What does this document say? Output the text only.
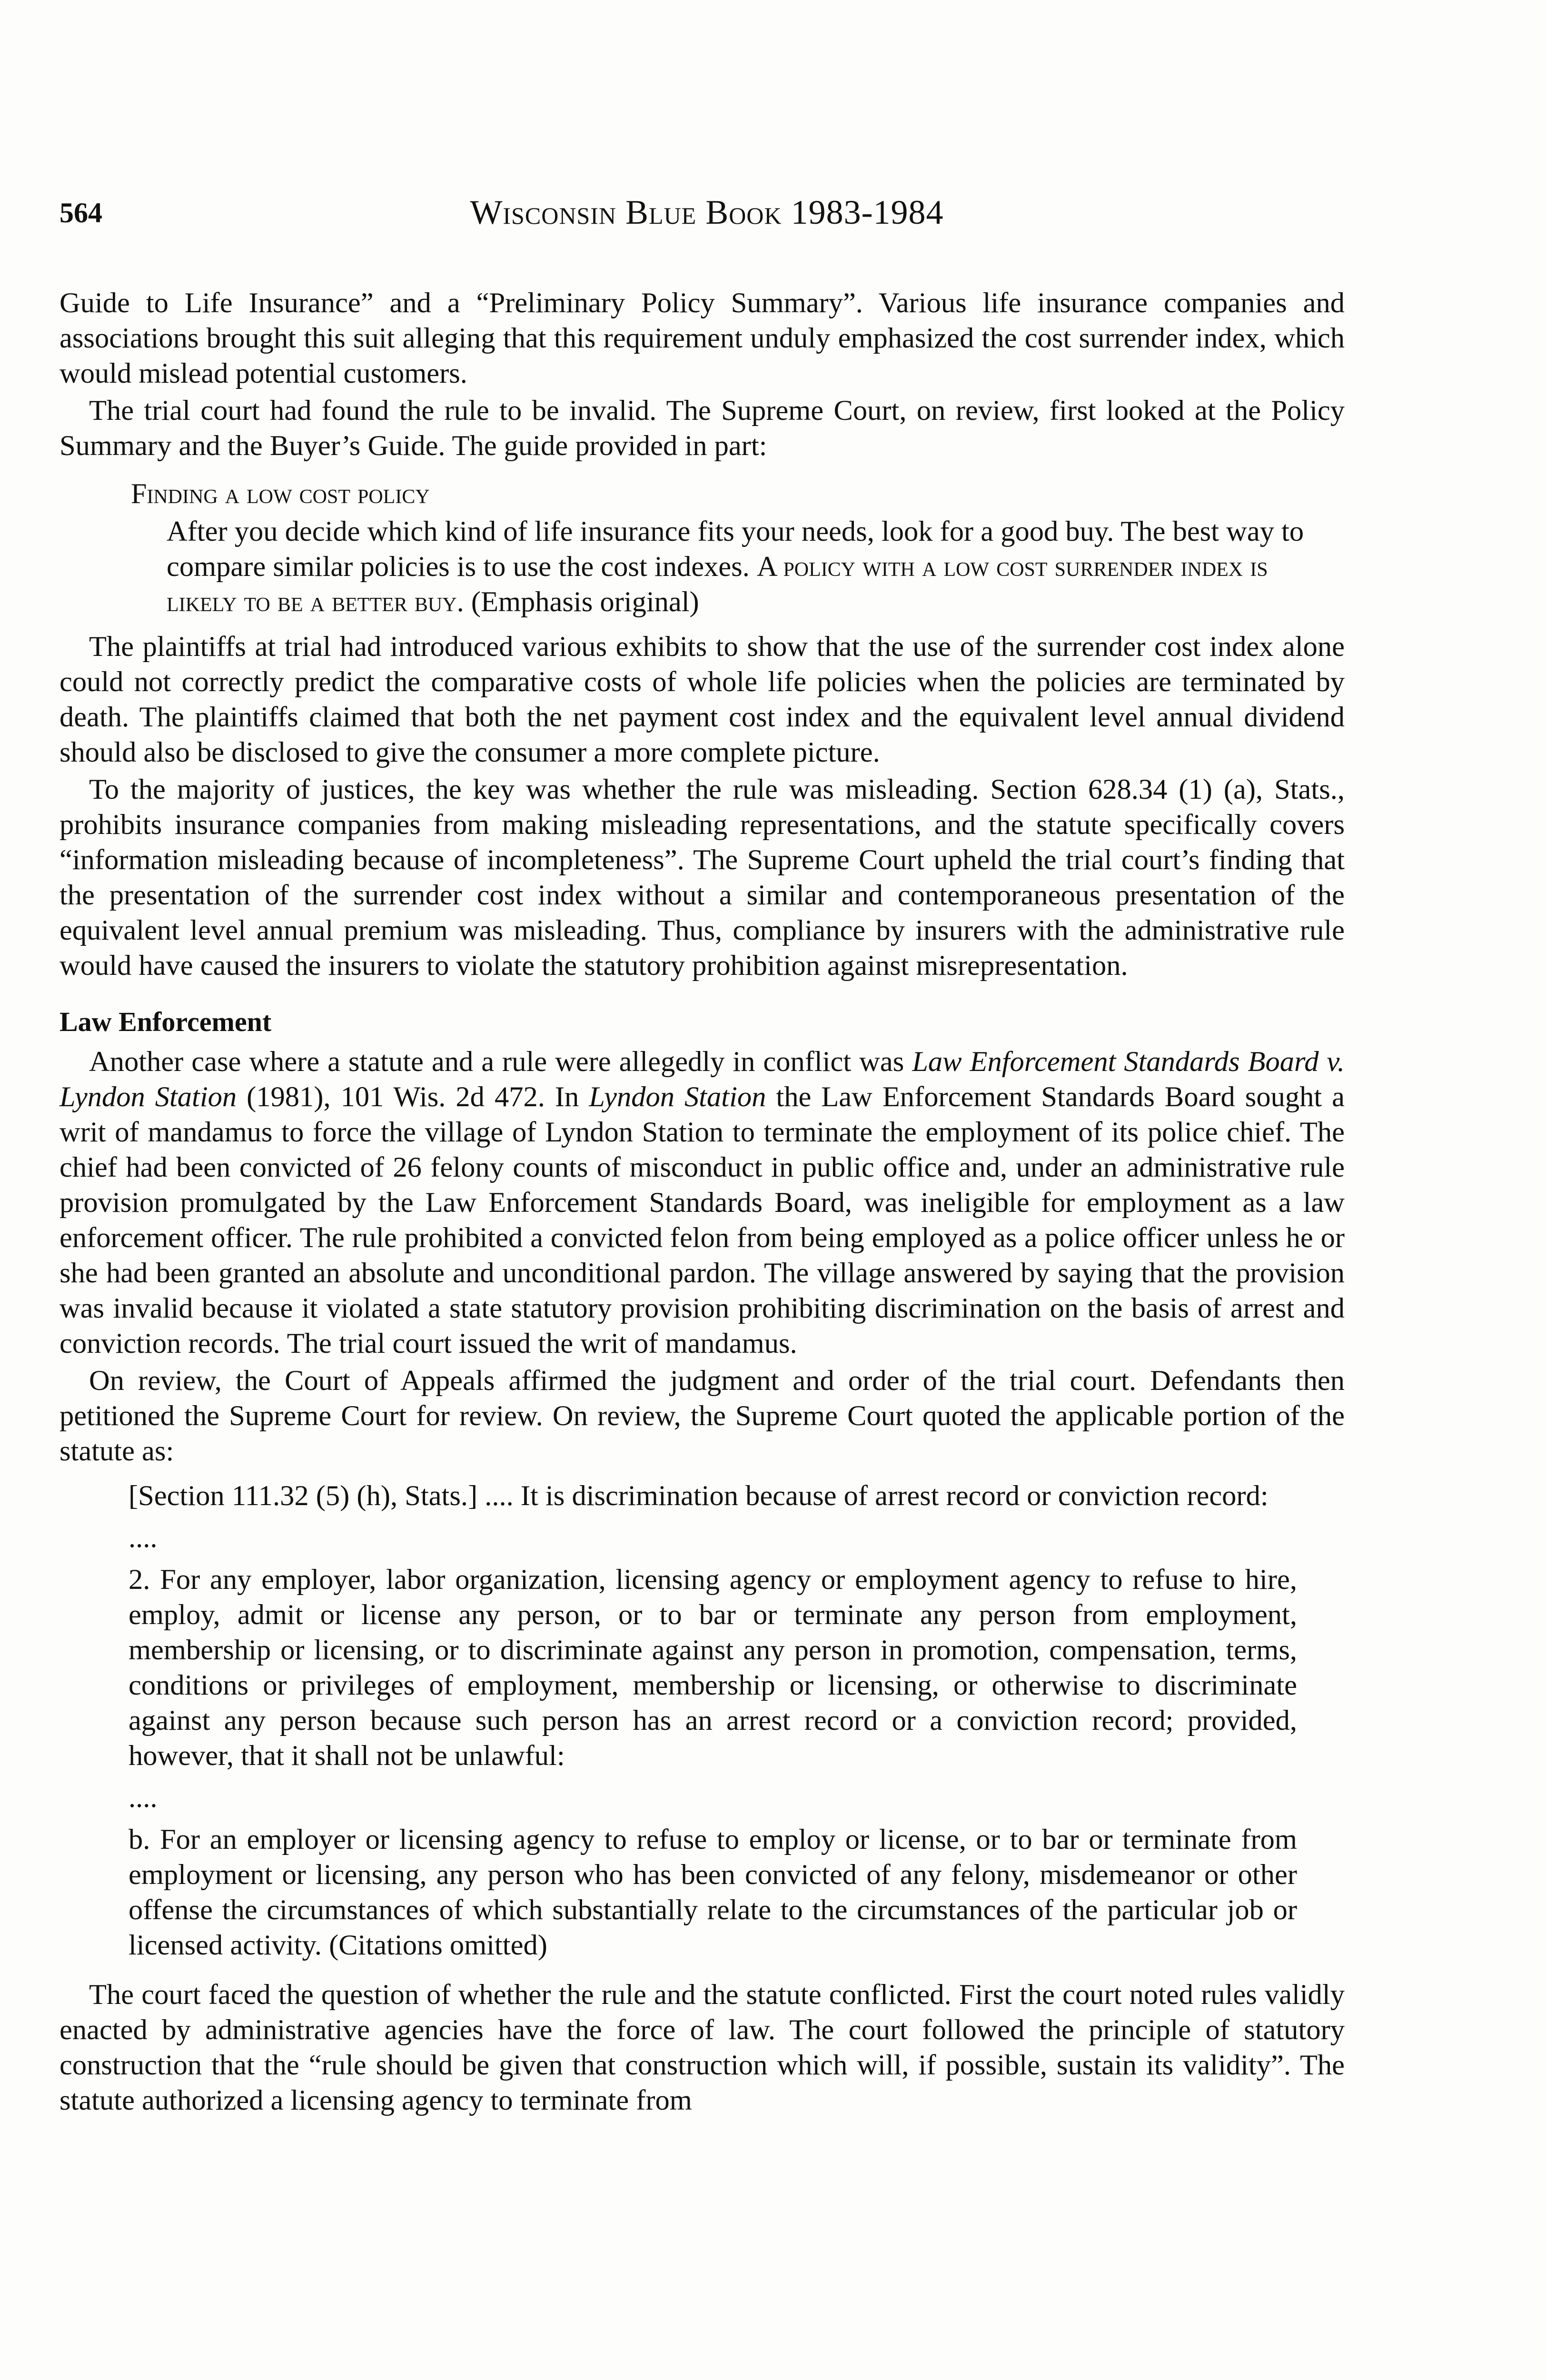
564	Wisconsin Blue Book 1983-1984

Guide to Life Insurance” and a “Preliminary Policy Summary”. Various life insurance companies and associations brought this suit alleging that this requirement unduly emphasized the cost surrender index, which would mislead potential customers.

The trial court had found the rule to be invalid. The Supreme Court, on review, first looked at the Policy Summary and the Buyer’s Guide. The guide provided in part:

Finding a low cost policy

After you decide which kind of life insurance fits your needs, look for a good buy. The best way to compare similar policies is to use the cost indexes. A policy with a low cost surrender index is likely to be a better buy. (Emphasis original)

The plaintiffs at trial had introduced various exhibits to show that the use of the surrender cost index alone could not correctly predict the comparative costs of whole life policies when the policies are terminated by death. The plaintiffs claimed that both the net payment cost index and the equivalent level annual dividend should also be disclosed to give the consumer a more complete picture.

To the majority of justices, the key was whether the rule was misleading. Section 628.34 (1) (a), Stats., prohibits insurance companies from making misleading representations, and the statute specifically covers “information misleading because of incompleteness”. The Supreme Court upheld the trial court’s finding that the presentation of the surrender cost index without a similar and contemporaneous presentation of the equivalent level annual premium was misleading. Thus, compliance by insurers with the administrative rule would have caused the insurers to violate the statutory prohibition against misrepresentation.

Law Enforcement

Another case where a statute and a rule were allegedly in conflict was Law Enforcement Standards Board v. Lyndon Station (1981), 101 Wis. 2d 472. In Lyndon Station the Law Enforcement Standards Board sought a writ of mandamus to force the village of Lyndon Station to terminate the employment of its police chief. The chief had been convicted of 26 felony counts of misconduct in public office and, under an administrative rule provision promulgated by the Law Enforcement Standards Board, was ineligible for employment as a law enforcement officer. The rule prohibited a convicted felon from being employed as a police officer unless he or she had been granted an absolute and unconditional pardon. The village answered by saying that the provision was invalid because it violated a state statutory provision prohibiting discrimination on the basis of arrest and conviction records. The trial court issued the writ of mandamus.

On review, the Court of Appeals affirmed the judgment and order of the trial court. Defendants then petitioned the Supreme Court for review. On review, the Supreme Court quoted the applicable portion of the statute as:

[Section 111.32 (5) (h), Stats.] .... It is discrimination because of arrest record or conviction record:

....

2. For any employer, labor organization, licensing agency or employment agency to refuse to hire, employ, admit or license any person, or to bar or terminate any person from employment, membership or licensing, or to discriminate against any person in promotion, compensation, terms, conditions or privileges of employment, membership or licensing, or otherwise to discriminate against any person because such person has an arrest record or a conviction record; provided, however, that it shall not be unlawful:

....

b. For an employer or licensing agency to refuse to employ or license, or to bar or terminate from employment or licensing, any person who has been convicted of any felony, misdemeanor or other offense the circumstances of which substantially relate to the circumstances of the particular job or licensed activity. (Citations omitted)

The court faced the question of whether the rule and the statute conflicted. First the court noted rules validly enacted by administrative agencies have the force of law. The court followed the principle of statutory construction that the “rule should be given that construction which will, if possible, sustain its validity”. The statute authorized a licensing agency to terminate from
